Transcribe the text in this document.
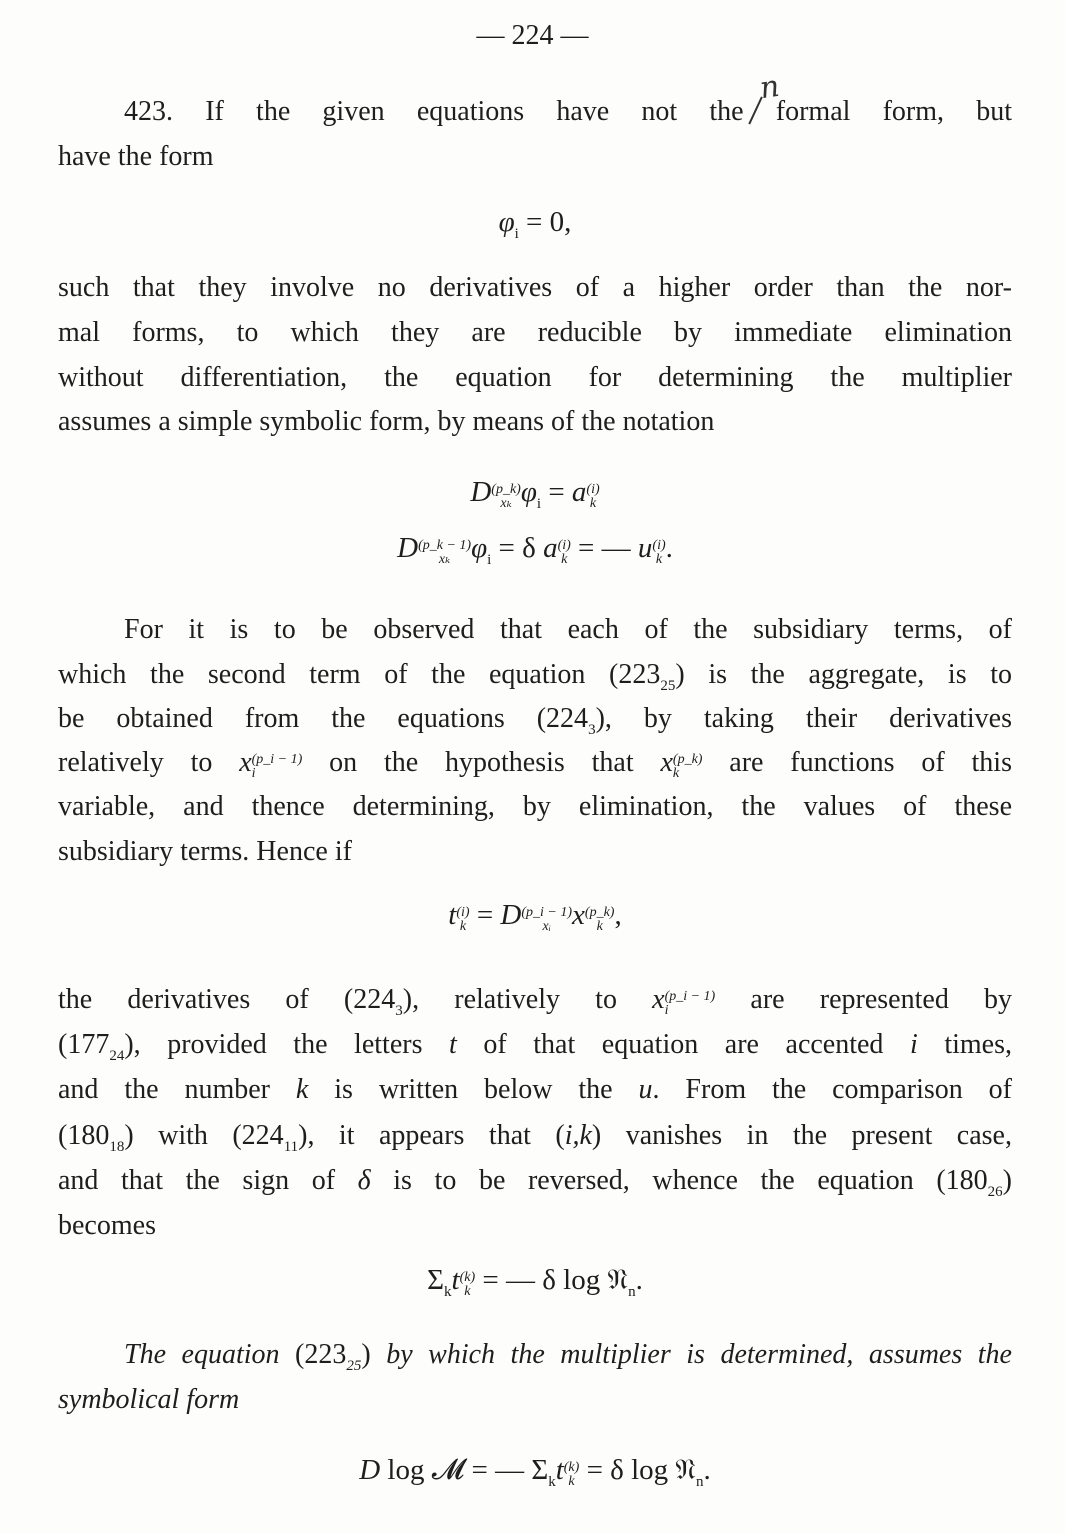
— 224 —
n
423. If the given equations have not the formal form, but
have the form
$\varphi_i = 0$,
such that they involve no derivatives of a higher order than the nor-
mal forms, to which they are reducible by immediate elimination
without differentiation, the equation for determining the multiplier
assumes a simple symbolic form, by means of the notation
D (p_k)
xₖ $\varphi_i = a$ (i)
k
D (p_k − 1)
xₖ $\varphi_i = \delta$ a (i)
k = — u (i)
k .
For it is to be observed that each of the subsidiary terms, of
which the second term of the equation $(223_{25})$ is the aggregate, is to
be obtained from the equations $(224_3)$, by taking their derivatives
relatively to x (p_i − 1)
i	on the hypothesis that x (p_k)
k are functions of this
variable, and thence determining, by elimination, the values of these
subsidiary terms. Hence if
t (i)
k = D (p_i − 1)
xᵢ x (p_k)
k ,
the derivatives of $(224_3)$, relatively to x (p_i − 1)
i	are represented by
$(177_{24})$, provided the letters t of that equation are accented i times,
and the number k is written below the u. From the comparison of
$(180_{18})$ with $(224_{11})$, it appears that (i,k) vanishes in the present case,
and that the sign of δ is to be reversed, whence the equation $(180_{26})$
becomes
$\Sigma_kt$ (k)
k = — δ log 𝔑$_n$.
The equation $(223_{25})$ by which the multiplier is determined, assumes the
symbolical form
D log 𝓜 = — $\Sigma_kt$ (k)
k = δ log 𝔑$_n$.
